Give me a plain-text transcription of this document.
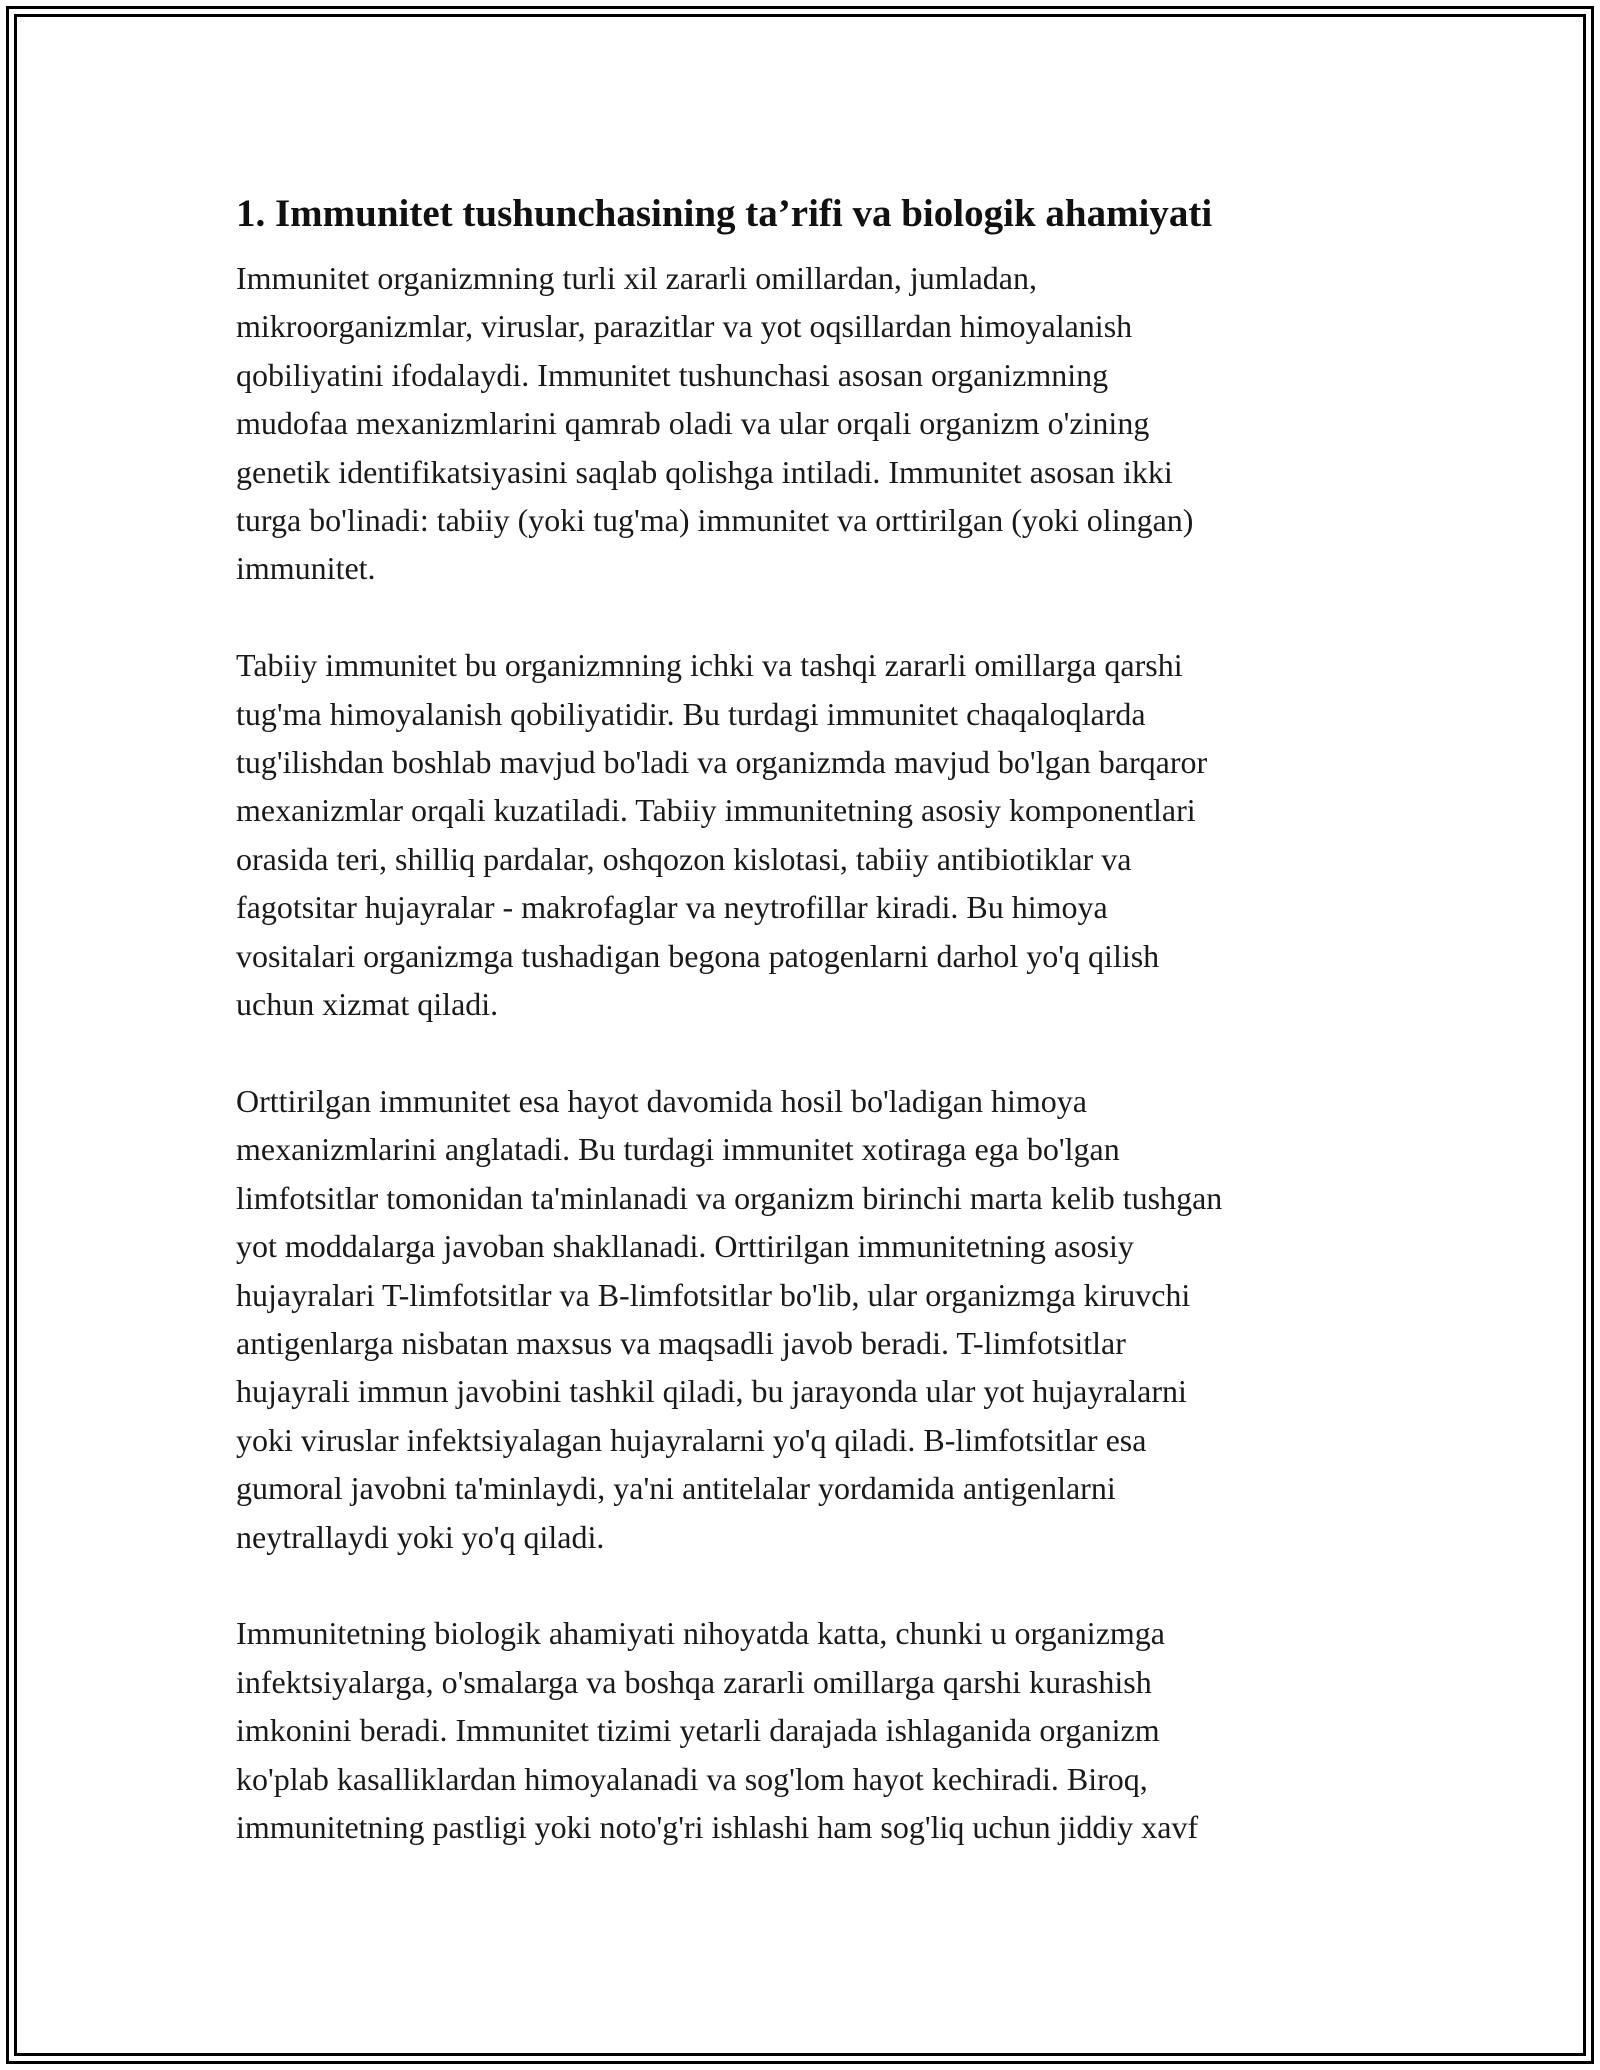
1. Immunitet tushunchasining ta’rifi va biologik ahamiyati
Immunitet organizmning turli xil zararli omillardan, jumladan,
mikroorganizmlar, viruslar, parazitlar va yot oqsillardan himoyalanish
qobiliyatini ifodalaydi. Immunitet tushunchasi asosan organizmning
mudofaa mexanizmlarini qamrab oladi va ular orqali organizm o'zining
genetik identifikatsiyasini saqlab qolishga intiladi. Immunitet asosan ikki
turga bo'linadi: tabiiy (yoki tug'ma) immunitet va orttirilgan (yoki olingan)
immunitet.
Tabiiy immunitet bu organizmning ichki va tashqi zararli omillarga qarshi
tug'ma himoyalanish qobiliyatidir. Bu turdagi immunitet chaqaloqlarda
tug'ilishdan boshlab mavjud bo'ladi va organizmda mavjud bo'lgan barqaror
mexanizmlar orqali kuzatiladi. Tabiiy immunitetning asosiy komponentlari
orasida teri, shilliq pardalar, oshqozon kislotasi, tabiiy antibiotiklar va
fagotsitar hujayralar - makrofaglar va neytrofillar kiradi. Bu himoya
vositalari organizmga tushadigan begona patogenlarni darhol yo'q qilish
uchun xizmat qiladi.
Orttirilgan immunitet esa hayot davomida hosil bo'ladigan himoya
mexanizmlarini anglatadi. Bu turdagi immunitet xotiraga ega bo'lgan
limfotsitlar tomonidan ta'minlanadi va organizm birinchi marta kelib tushgan
yot moddalarga javoban shakllanadi. Orttirilgan immunitetning asosiy
hujayralari T-limfotsitlar va B-limfotsitlar bo'lib, ular organizmga kiruvchi
antigenlarga nisbatan maxsus va maqsadli javob beradi. T-limfotsitlar
hujayrali immun javobini tashkil qiladi, bu jarayonda ular yot hujayralarni
yoki viruslar infektsiyalagan hujayralarni yo'q qiladi. B-limfotsitlar esa
gumoral javobni ta'minlaydi, ya'ni antitelalar yordamida antigenlarni
neytrallaydi yoki yo'q qiladi.
Immunitetning biologik ahamiyati nihoyatda katta, chunki u organizmga
infektsiyalarga, o'smalarga va boshqa zararli omillarga qarshi kurashish
imkonini beradi. Immunitet tizimi yetarli darajada ishlaganida organizm
ko'plab kasalliklardan himoyalanadi va sog'lom hayot kechiradi. Biroq,
immunitetning pastligi yoki noto'g'ri ishlashi ham sog'liq uchun jiddiy xavf
